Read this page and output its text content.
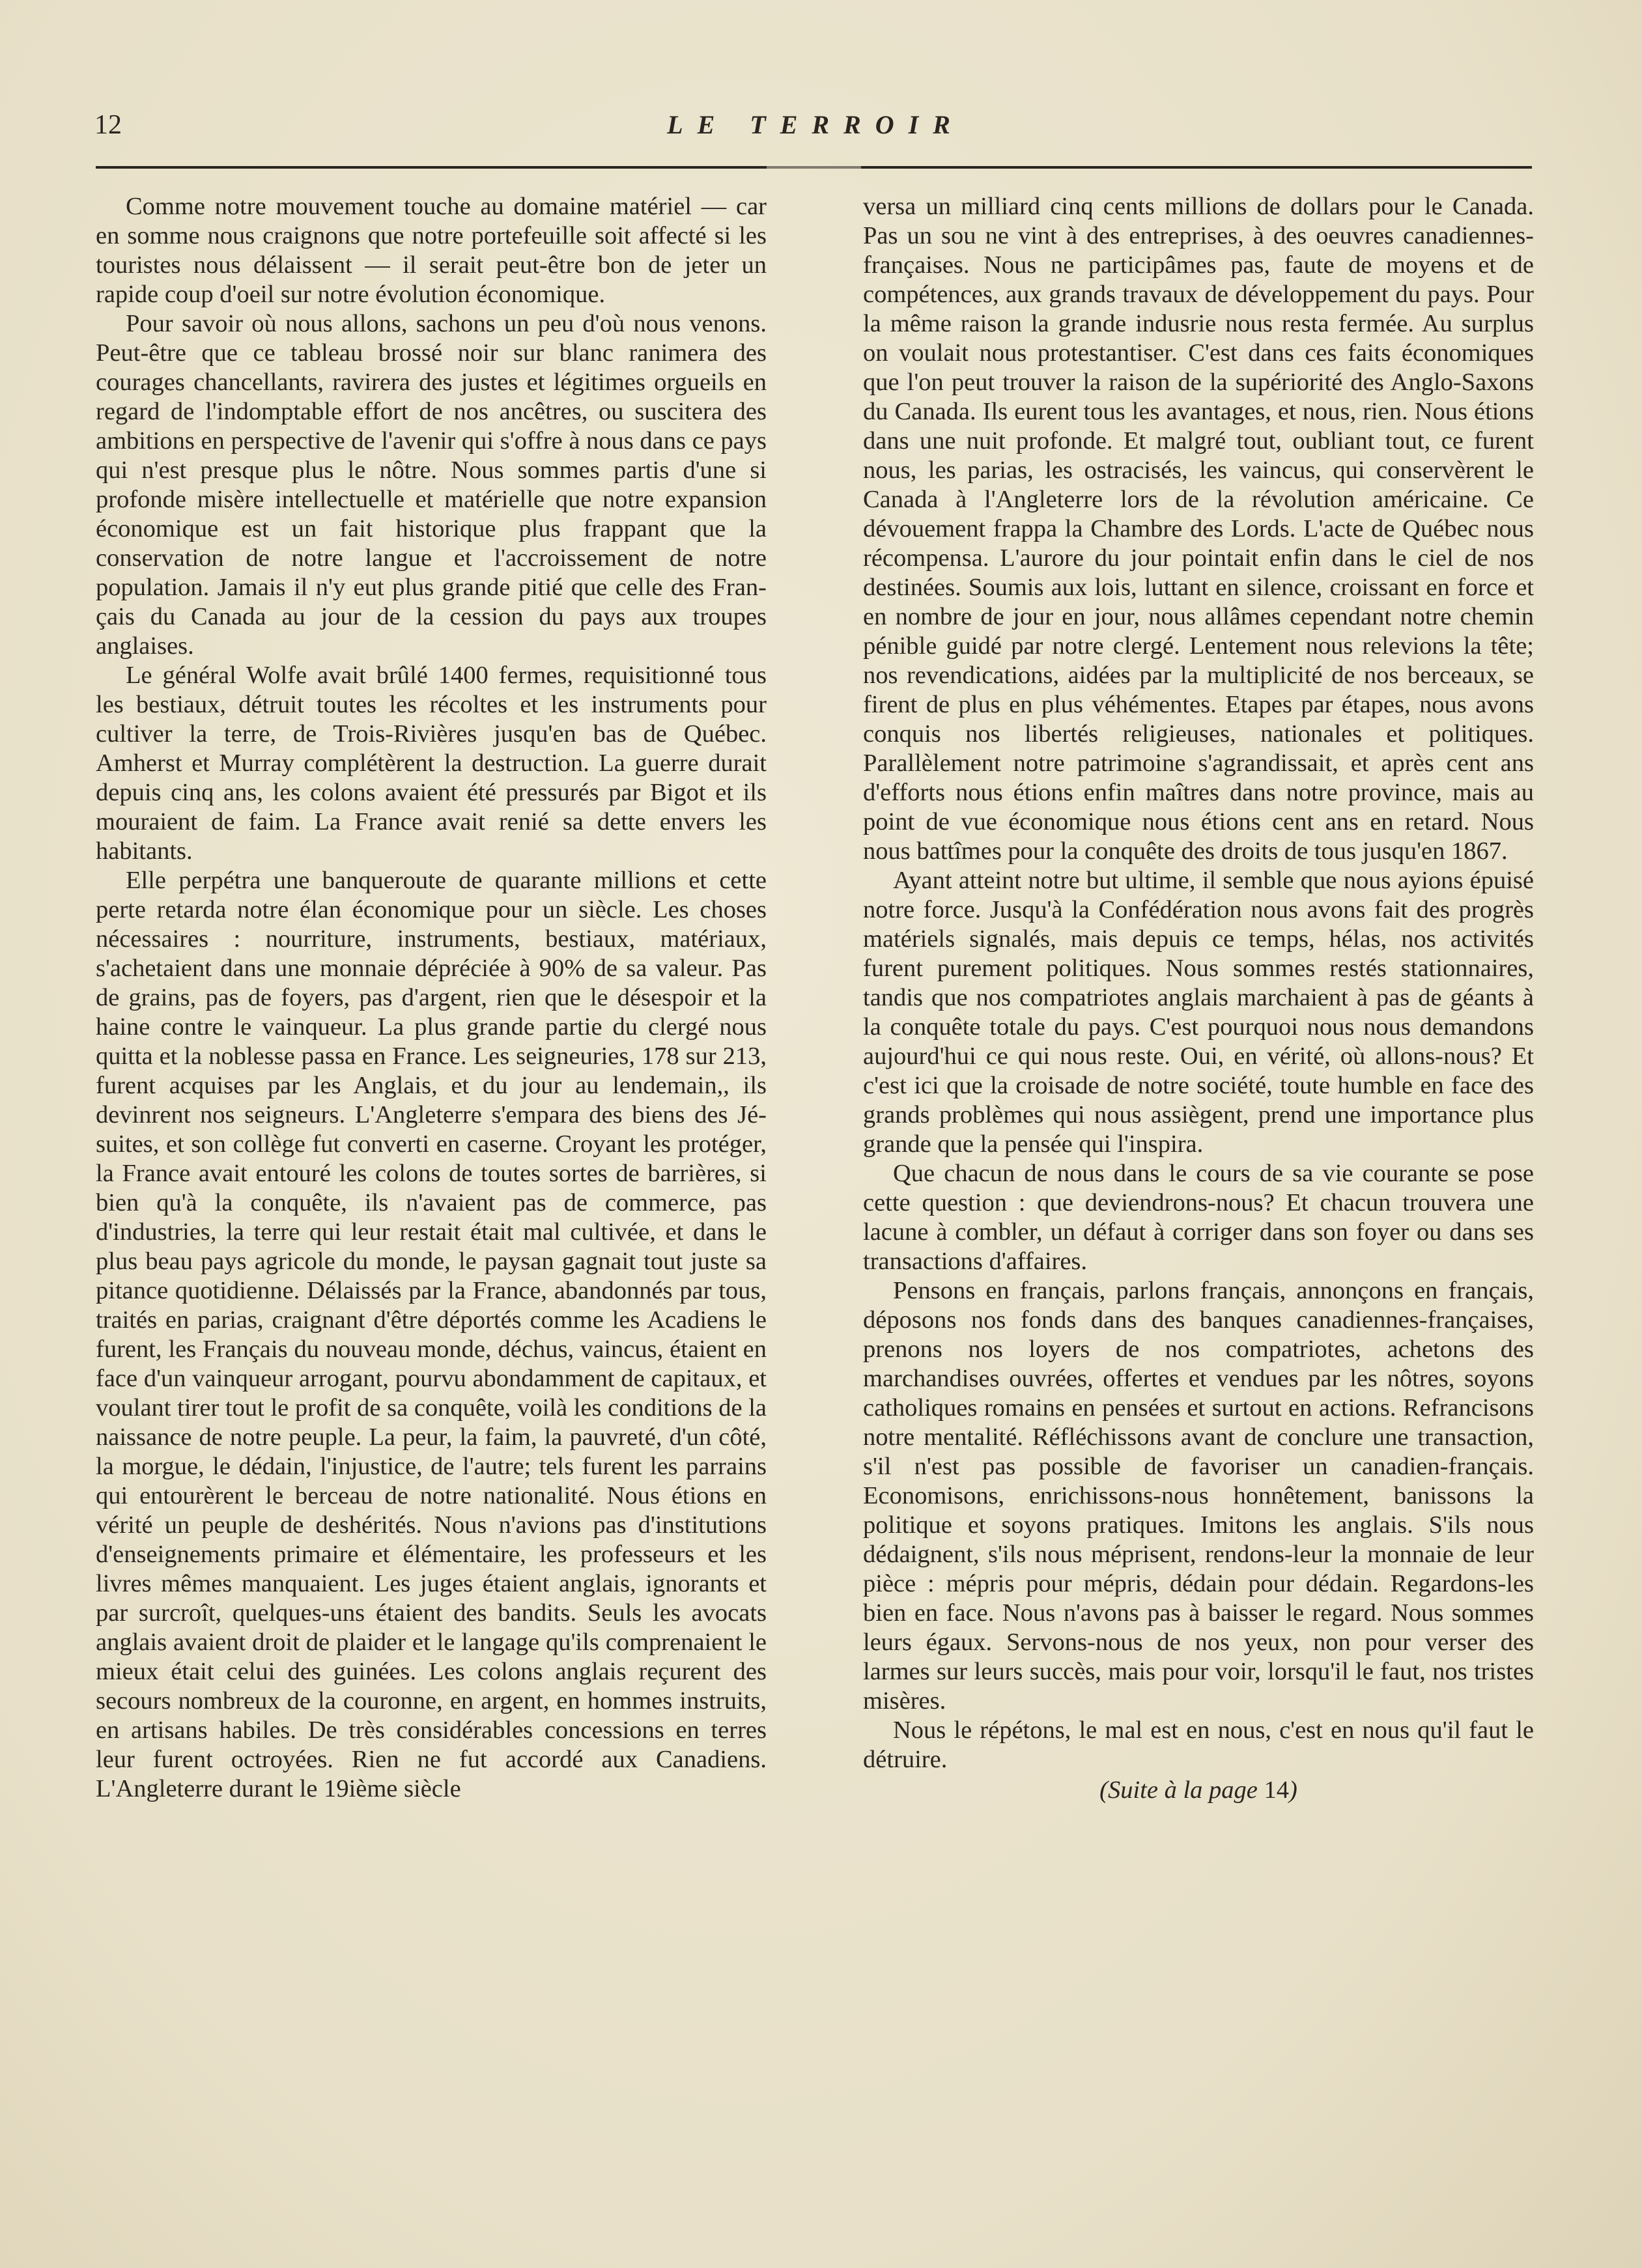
12	LE TERROIR

Comme notre mouvement touche au domaine matériel — car en somme nous craignons que notre portefeuille soit affecté si les touristes nous délaissent — il serait peut-être bon de jeter un rapide coup d'oeil sur notre évolution économique.

Pour savoir où nous allons, sachons un peu d'où nous venons. Peut-être que ce tableau brossé noir sur blanc ranimera des courages chancellants, ravirera des justes et légitimes orgueils en regard de l'indomptable effort de nos ancêtres, ou suscitera des ambitions en perspective de l'avenir qui s'offre à nous dans ce pays qui n'est presque plus le nôtre. Nous sommes partis d'une si profonde misère intellectuelle et matérielle que notre expansion économique est un fait historique plus frappant que la conservation de notre langue et l'accroissement de notre population. Jamais il n'y eut plus grande pitié que celle des Français du Canada au jour de la cession du pays aux troupes anglaises.

Le général Wolfe avait brûlé 1400 fermes, requisitionné tous les bestiaux, détruit toutes les récoltes et les instruments pour cultiver la terre, de Trois-Rivières jusqu'en bas de Québec. Amherst et Murray complétèrent la destruction. La guerre durait depuis cinq ans, les colons avaient été pressurés par Bigot et ils mouraient de faim. La France avait renié sa dette envers les habitants.

Elle perpétra une banqueroute de quarante millions et cette perte retarda notre élan économique pour un siècle. Les choses nécessaires : nourriture, instruments, bestiaux, matériaux, s'achetaient dans une monnaie dépréciée à 90% de sa valeur. Pas de grains, pas de foyers, pas d'argent, rien que le désespoir et la haine contre le vainqueur. La plus grande partie du clergé nous quitta et la noblesse passa en France. Les seigneuries, 178 sur 213, furent acquises par les Anglais, et du jour au lendemain,, ils devinrent nos seigneurs. L'Angleterre s'empara des biens des Jésuites, et son collège fut converti en caserne. Croyant les protéger, la France avait entouré les colons de toutes sortes de barrières, si bien qu'à la conquête, ils n'avaient pas de commerce, pas d'industries, la terre qui leur restait était mal cultivée, et dans le plus beau pays agricole du monde, le paysan gagnait tout juste sa pitance quotidienne. Délaissés par la France, abandonnés par tous, traités en parias, craignant d'être déportés comme les Acadiens le furent, les Français du nouveau monde, déchus, vaincus, étaient en face d'un vainqueur arrogant, pourvu abondamment de capitaux, et voulant tirer tout le profit de sa conquête, voilà les conditions de la naissance de notre peuple. La peur, la faim, la pauvreté, d'un côté, la morgue, le dédain, l'injustice, de l'autre; tels furent les parrains qui entourèrent le berceau de notre nationalité. Nous étions en vérité un peuple de deshérités. Nous n'avions pas d'institutions d'enseignements primaire et élémentaire, les professeurs et les livres mêmes manquaient. Les juges étaient anglais, ignorants et par surcroît, quelques-uns étaient des bandits. Seuls les avocats anglais avaient droit de plaider et le langage qu'ils comprenaient le mieux était celui des guinées. Les colons anglais reçurent des secours nombreux de la couronne, en argent, en hommes instruits, en artisans habiles. De très considérables concessions en terres leur furent octroyées. Rien ne fut accordé aux Canadiens. L'Angleterre durant le 19ième siècle

versa un milliard cinq cents millions de dollars pour le Canada. Pas un sou ne vint à des entreprises, à des oeuvres canadiennes-françaises. Nous ne participâmes pas, faute de moyens et de compétences, aux grands travaux de développement du pays. Pour la même raison la grande indusrie nous resta fermée. Au surplus on voulait nous protestantiser. C'est dans ces faits économiques que l'on peut trouver la raison de la supériorité des Anglo-Saxons du Canada. Ils eurent tous les avantages, et nous, rien. Nous étions dans une nuit profonde. Et malgré tout, oubliant tout, ce furent nous, les parias, les ostracisés, les vaincus, qui conservèrent le Canada à l'Angleterre lors de la révolution américaine. Ce dévouement frappa la Chambre des Lords. L'acte de Québec nous récompensa. L'aurore du jour pointait enfin dans le ciel de nos destinées. Soumis aux lois, luttant en silence, croissant en force et en nombre de jour en jour, nous allâmes cependant notre chemin pénible guidé par notre clergé. Lentement nous relevions la tête; nos revendications, aidées par la multiplicité de nos berceaux, se firent de plus en plus véhémentes. Etapes par étapes, nous avons conquis nos libertés religieuses, nationales et politiques. Parallèlement notre patrimoine s'agrandissait, et après cent ans d'efforts nous étions enfin maîtres dans notre province, mais au point de vue économique nous étions cent ans en retard. Nous nous battîmes pour la conquête des droits de tous jusqu'en 1867.

Ayant atteint notre but ultime, il semble que nous ayions épuisé notre force. Jusqu'à la Confédération nous avons fait des progrès matériels signalés, mais depuis ce temps, hélas, nos activités furent purement politiques. Nous sommes restés stationnaires, tandis que nos compatriotes anglais marchaient à pas de géants à la conquête totale du pays. C'est pourquoi nous nous demandons aujourd'hui ce qui nous reste. Oui, en vérité, où allons-nous? Et c'est ici que la croisade de notre société, toute humble en face des grands problèmes qui nous assiègent, prend une importance plus grande que la pensée qui l'inspira.

Que chacun de nous dans le cours de sa vie courante se pose cette question : que deviendrons-nous? Et chacun trouvera une lacune à combler, un défaut à corriger dans son foyer ou dans ses transactions d'affaires.

Pensons en français, parlons français, annonçons en français, déposons nos fonds dans des banques canadiennes-françaises, prenons nos loyers de nos compatriotes, achetons des marchandises ouvrées, offertes et vendues par les nôtres, soyons catholiques romains en pensées et surtout en actions. Refrancisons notre mentalité. Réfléchissons avant de conclure une transaction, s'il n'est pas possible de favoriser un canadien-français. Economisons, enrichissons-nous honnêtement, banissons la politique et soyons pratiques. Imitons les anglais. S'ils nous dédaignent, s'ils nous méprisent, rendons-leur la monnaie de leur pièce : mépris pour mépris, dédain pour dédain. Regardons-les bien en face. Nous n'avons pas à baisser le regard. Nous sommes leurs égaux. Servons-nous de nos yeux, non pour verser des larmes sur leurs succès, mais pour voir, lorsqu'il le faut, nos tristes misères.

Nous le répétons, le mal est en nous, c'est en nous qu'il faut le détruire.

(Suite à la page 14)
